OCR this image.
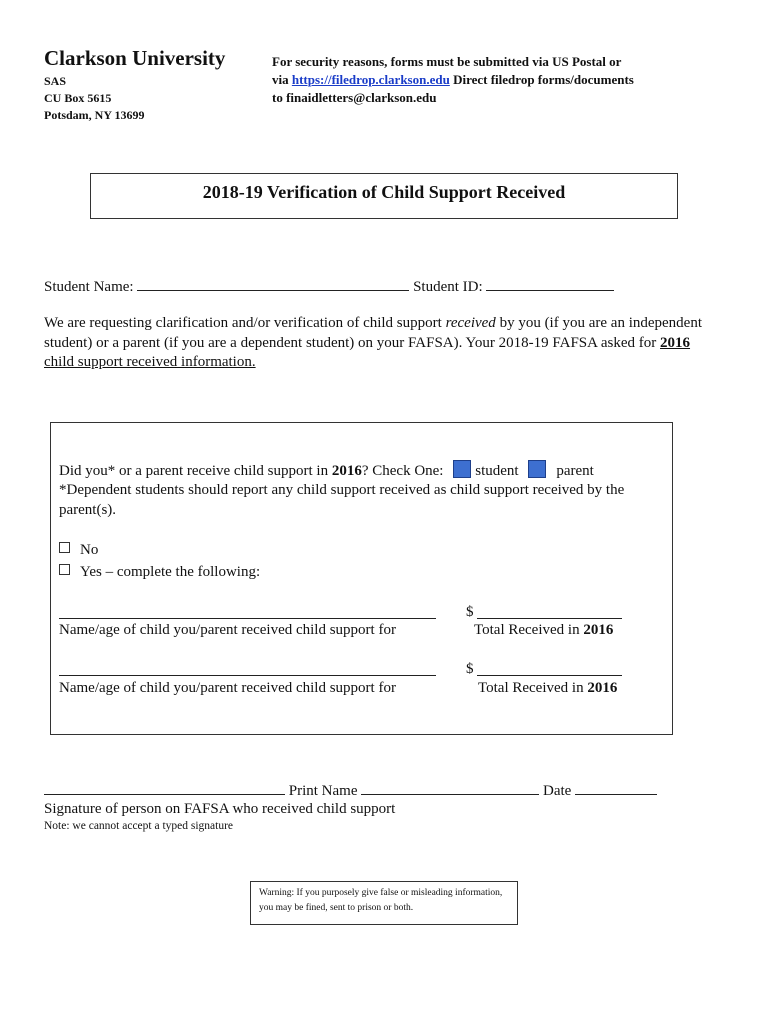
Clarkson University
SAS
CU Box 5615
Potsdam, NY 13699
For security reasons, forms must be submitted via US Postal or
via https://filedrop.clarkson.edu Direct filedrop forms/documents
to finaidletters@clarkson.edu
2018-19 Verification of Child Support Received
Student Name:	Student ID:
We are requesting clarification and/or verification of child support received by you (if you are an independent student) or a parent (if you are a dependent student) on your FAFSA). Your 2018-19 FAFSA asked for 2016 child support received information.
Did you* or a parent receive child support in 2016? Check One: student	parent
*Dependent students should report any child support received as child support received by the parent(s).
No
Yes – complete the following:
$
Name/age of child you/parent received child support for	Total Received in 2016
$
Name/age of child you/parent received child support for	Total Received in 2016
Print Name	Date
Signature of person on FAFSA who received child support
Note: we cannot accept a typed signature
Warning: If you purposely give false or misleading information, you may be fined, sent to prison or both.
